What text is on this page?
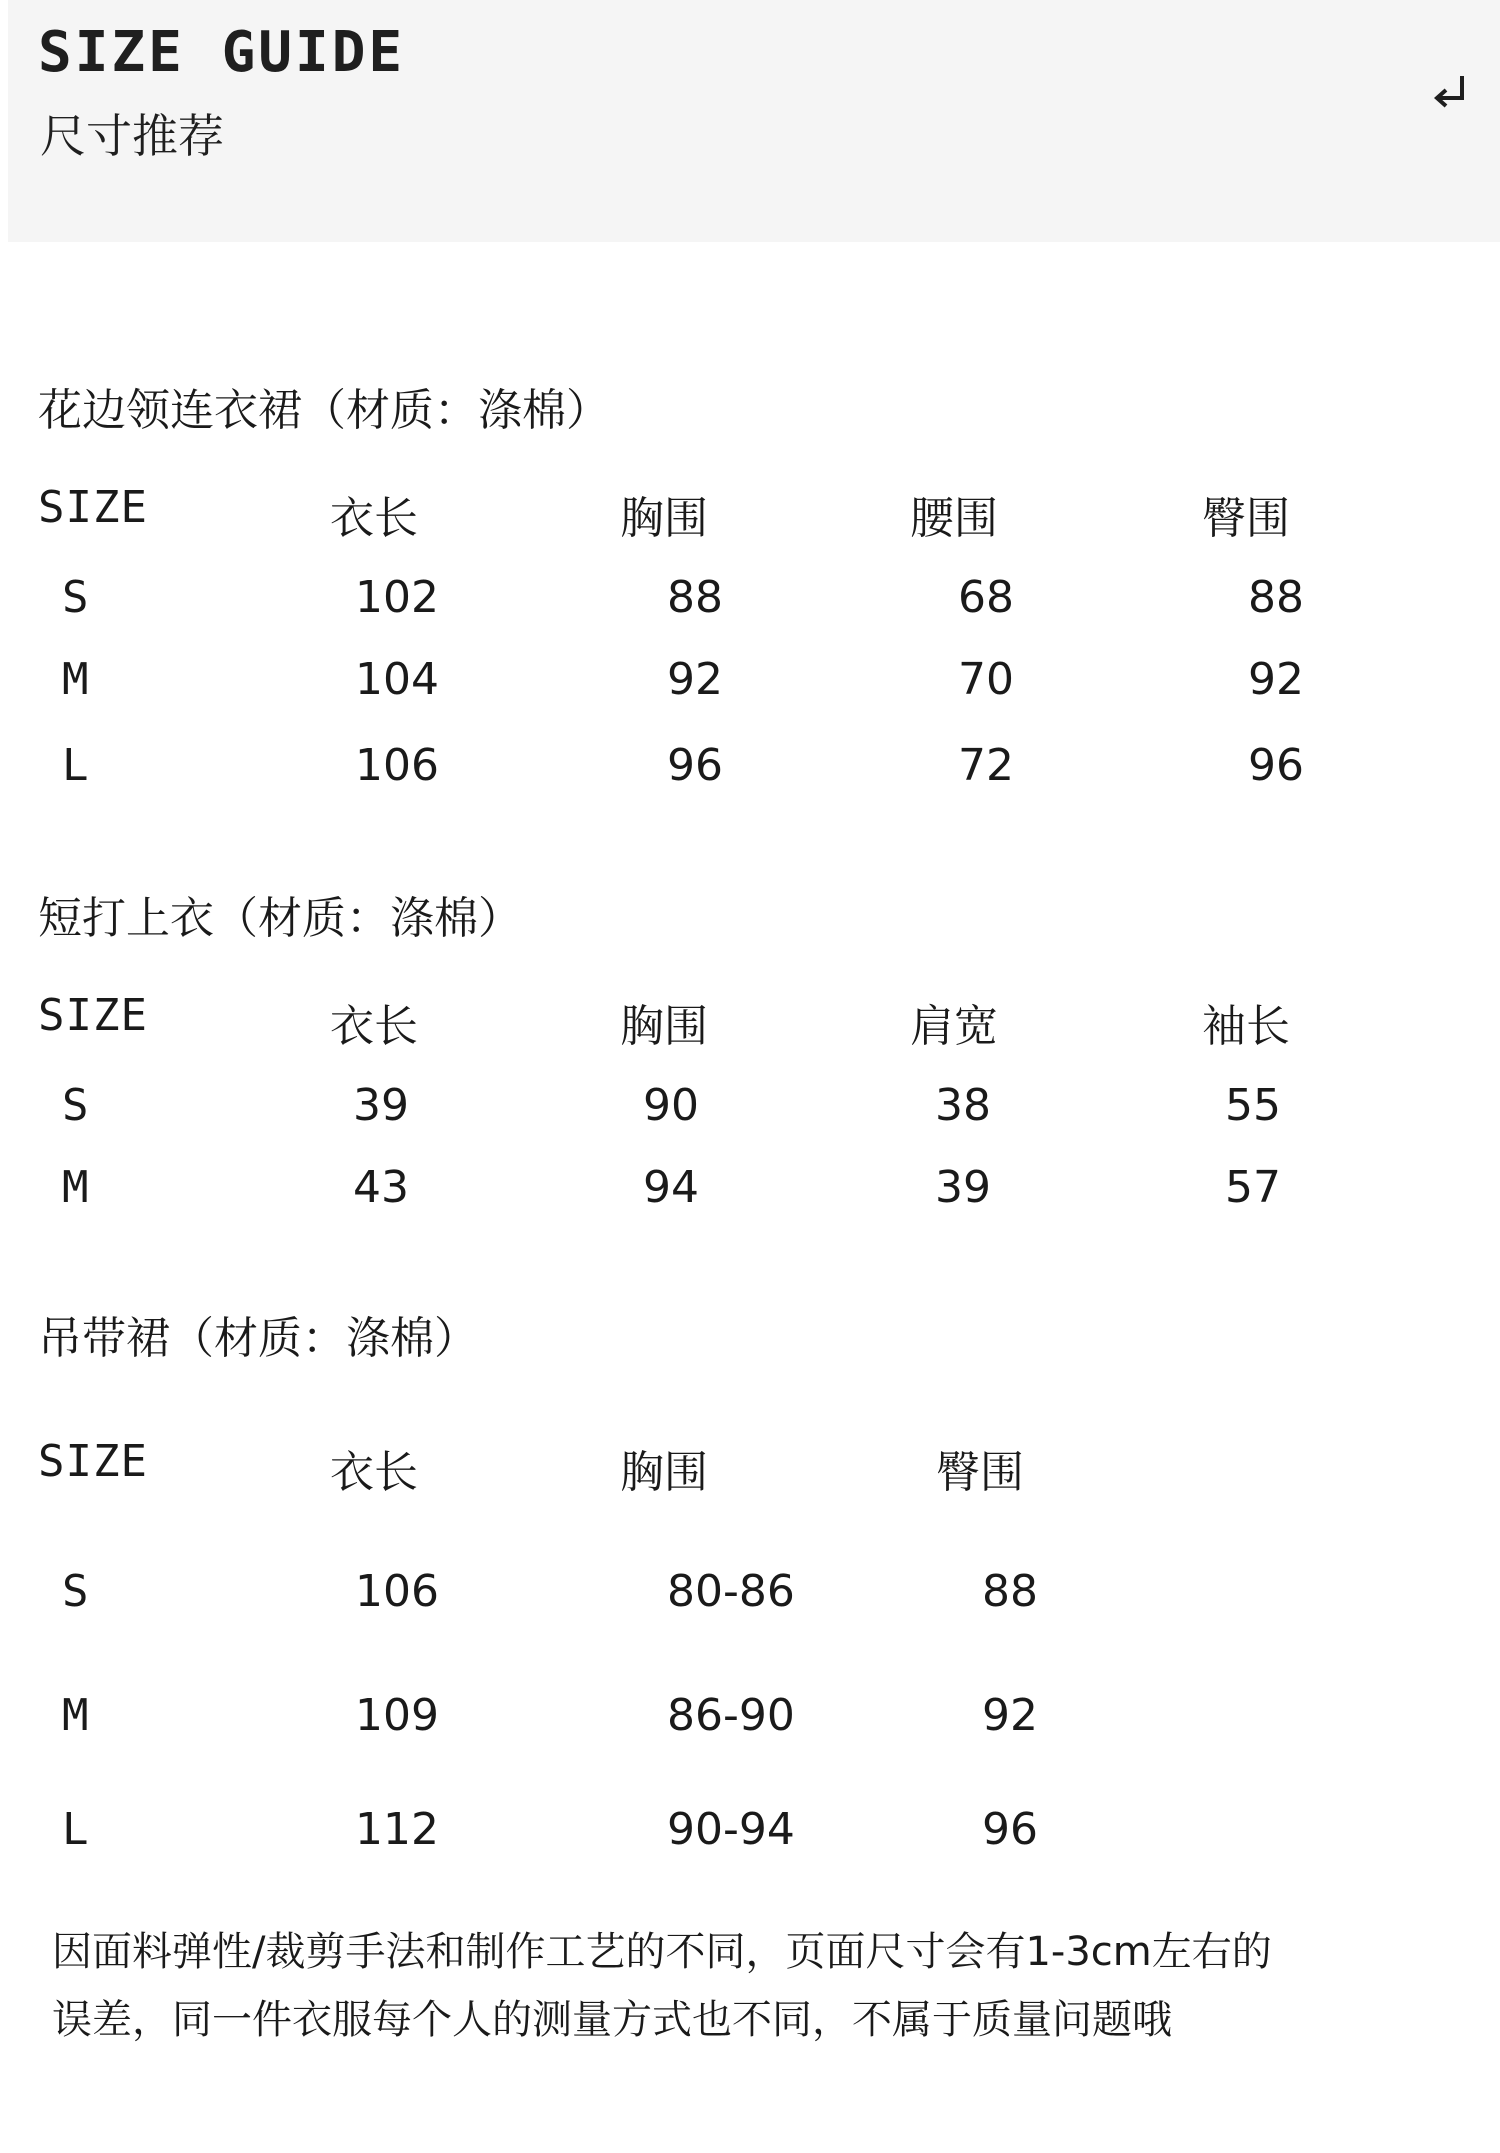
SIZE GUIDE
尺寸推荐
花边领连衣裙（材质：涤棉）
SIZE	衣长	胸围	腰围	臀围
S	102	88	68	88
M	104	92	70	92
L	106	96	72	96
短打上衣（材质：涤棉）
SIZE	衣长	胸围	肩宽	袖长
S	39	90	38	55
M	43	94	39	57
吊带裙（材质：涤棉）
SIZE	衣长	胸围	臀围
S	106	80-86	88
M	109	86-90	92
L	112	90-94	96
因面料弹性/裁剪手法和制作工艺的不同，页面尺寸会有1-3cm左右的
误差，同一件衣服每个人的测量方式也不同，不属于质量问题哦
